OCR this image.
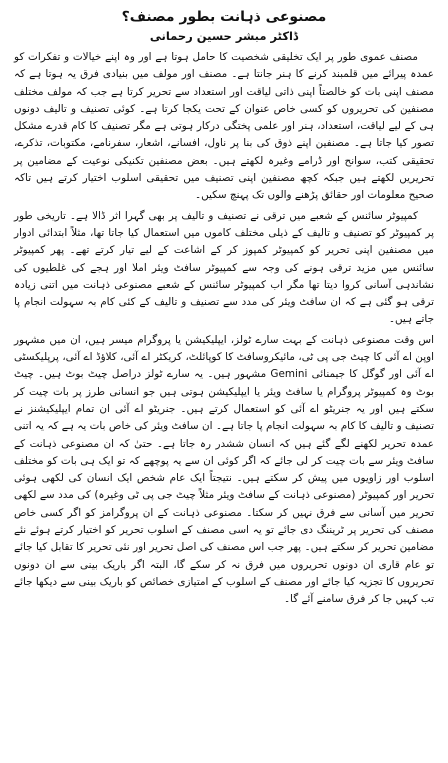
مصنوعی ذہانت بطور مصنف؟
ڈاکٹر مبشر حسین رحمانی

مصنف عموی طور پر ایک تخلیقی شخصیت کا حامل ہوتا ہے اور وہ اپنے خیالات و تفکرات کو عمدہ پیرائے میں قلمبند کرنے کا ہنر جانتا ہے۔ مصنف اور مولف میں بنیادی فرق یہ ہوتا ہے کہ مصنف اپنی بات کو خالصتاً اپنی ذاتی لیاقت اور استعداد سے تحریر کرتا ہے جب کہ مولف مختلف مصنفین کی تحریروں کو کسی خاص عنوان کے تحت یکجا کرتا ہے۔ کوئی تصنیف و تالیف دونوں ہی کے لیے لیاقت، استعداد، ہنر اور علمی پختگی درکار ہوتی ہے مگر تصنیف کا کام قدرے مشکل تصور کیا جاتا ہے۔ مصنفین اپنے ذوق کی بنا پر ناول، افسانے، اشعار، سفرنامے، مکتوبات، تذکرے، تحقیقی کتب، سوانح اور ڈرامے وغیرہ لکھتے ہیں۔ بعض مصنفین تکنیکی نوعیت کے مضامین پر تحریریں لکھتے ہیں جبکہ کچھ مصنفین اپنی تصنیف میں تحقیقی اسلوب اختیار کرتے ہیں تاکہ صحیح معلومات اور حقائق پڑھنے والوں تک پہنچ سکیں۔

کمپیوٹر سائنس کے شعبے میں ترقی نے تصنیف و تالیف پر بھی گہرا اثر ڈالا ہے۔ تاریخی طور پر کمپیوٹر کو تصنیف و تالیف کے ذیلی مختلف کاموں میں استعمال کیا جاتا تھا، مثلاً ابتدائی ادوار میں مصنفین اپنی تحریر کو کمپیوٹر کمپوز کر کے اشاعت کے لیے تیار کرتے تھے۔ پھر کمپیوٹر سائنس میں مزید ترقی ہونے کی وجہ سے کمپیوٹر سافٹ ویئر املا اور ہجے کی غلطیوں کی نشاندہی آسانی کروا دیتا تھا مگر اب کمپیوٹر سائنس کے شعبے مصنوعی ذہانت میں اتنی زیادہ ترقی ہو گئی ہے کہ ان سافٹ ویئر کی مدد سے تصنیف و تالیف کے کئی کام بہ سہولت انجام پا جاتے ہیں۔

اس وقت مصنوعی ذہانت کے بہت سارے ٹولز، ایپلیکیشن یا پروگرام میسر ہیں، ان میں مشہور اوپن اے آئی کا چیٹ جی پی ٹی، مائیکروسافٹ کا کوپائلٹ، کریکٹر اے آئی، کلاؤڈ اے آئی، پرپلیکسٹی اے آئی اور گوگل کا جیمنائی Gemini مشہور ہیں۔ یہ سارے ٹولز دراصل چیٹ بوٹ ہیں۔ چیٹ بوٹ وہ کمپیوٹر پروگرام یا سافٹ ویئر یا ایپلیکیشن ہوتی ہیں جو انسانی طرز پر بات چیت کر سکتے ہیں اور یہ جنریٹو اے آئی کو استعمال کرتے ہیں۔ جنریٹو اے آئی ان تمام ایپلیکیشنز نے تصنیف و تالیف کا کام بہ سہولت انجام پا جاتا ہے۔ ان سافٹ ویئر کی خاص بات یہ ہے کہ یہ اتنی عمدہ تحریر لکھنے لگے گئے ہیں کہ انسان ششدر رہ جاتا ہے۔ حتیٰ کہ ان مصنوعی ذہانت کے سافٹ ویئر سے بات چیت کر لی جائے کہ اگر کوئی ان سے یہ پوچھے کہ تو ایک ہی بات کو مختلف اسلوب اور زاویوں میں پیش کر سکتے ہیں۔ نتیجتاً ایک عام شخص ایک انسان کی لکھی ہوئی تحریر اور کمپیوٹر (مصنوعی ذہانت کے سافٹ ویئر مثلاً چیٹ جی پی ٹی وغیرہ) کی مدد سے لکھی تحریر میں آسانی سے فرق نہیں کر سکتا۔ مصنوعی ذہانت کے ان پروگرامز کو اگر کسی خاص مصنف کی تحریر پر ٹریننگ دی جائے تو یہ اسی مصنف کے اسلوب تحریر کو اختیار کرتے ہوئے نئے مضامین تحریر کر سکتے ہیں۔ پھر جب اس مصنف کی اصل تحریر اور نئی تحریر کا تقابل کیا جائے تو عام قاری ان دونوں تحریروں میں فرق نہ کر سکے گا، البتہ اگر باریک بینی سے ان دونوں تحریروں کا تجزیہ کیا جائے اور مصنف کے اسلوب کے امتیازی خصائص کو باریک بینی سے دیکھا جائے تب کہیں جا کر فرق سامنے آئے گا۔
